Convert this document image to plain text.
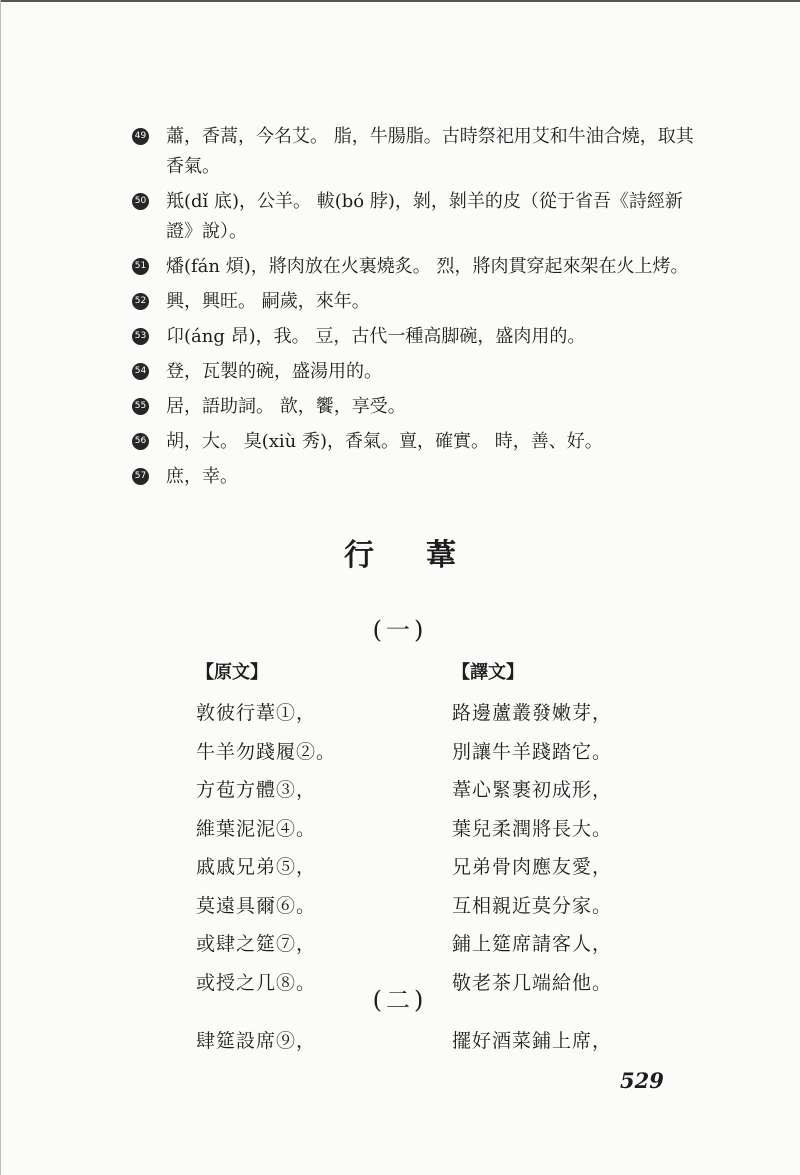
49 蕭，香蒿，今名艾。 脂，牛腸脂。古時祭祀用艾和牛油合燒，取其香氣。
50 羝(dǐ 底)，公羊。 軷(bó 脖)，剝，剝羊的皮（從于省吾《詩經新證》說）。
51 燔(fán 煩)，將肉放在火裏燒炙。 烈，將肉貫穿起來架在火上烤。
52 興，興旺。 嗣歲，來年。
53 卬(áng 昂)，我。 豆，古代一種高脚碗，盛肉用的。
54 登，瓦製的碗，盛湯用的。
55 居，語助詞。 歆，饗，享受。
56 胡，大。 臭(xiù 秀)，香氣。亶，確實。 時，善、好。
57 庶，幸。
行葦
(一)
【原文】
敦彼行葦①，
牛羊勿踐履②。
方苞方體③，
維葉泥泥④。
戚戚兄弟⑤，
莫遠具爾⑥。
或肆之筵⑦，
或授之几⑧。
【譯文】
路邊蘆叢發嫩芽，
別讓牛羊踐踏它。
葦心緊裹初成形，
葉兒柔潤將長大。
兄弟骨肉應友愛，
互相親近莫分家。
鋪上筵席請客人，
敬老茶几端給他。
(二)
肆筵設席⑨，	擺好酒菜鋪上席，
529
